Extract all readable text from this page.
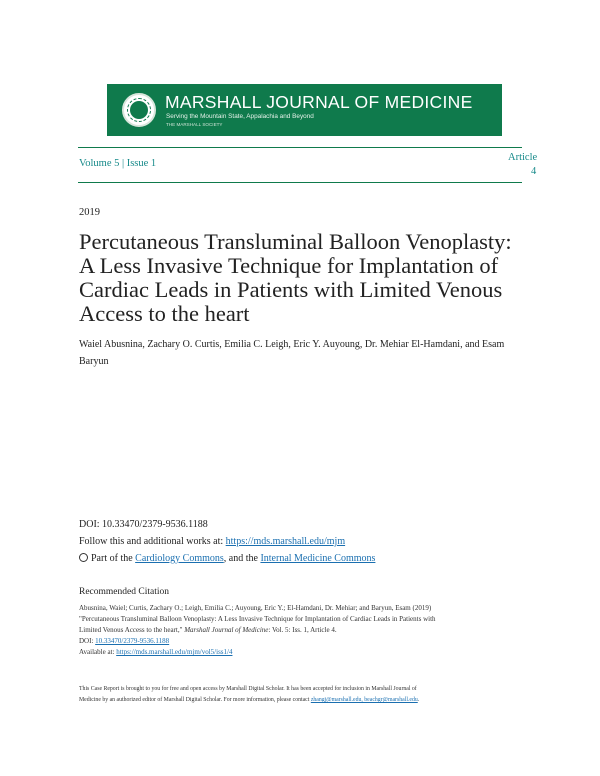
MARSHALL JOURNAL OF MEDICINE
Serving the Mountain State, Appalachia and Beyond
THE MARSHALL SOCIETY
Volume 5 | Issue 1
Article
4
2019
Percutaneous Transluminal Balloon Venoplasty: A Less Invasive Technique for Implantation of Cardiac Leads in Patients with Limited Venous Access to the heart
Waiel Abusnina, Zachary O. Curtis, Emilia C. Leigh, Eric Y. Auyoung, Dr. Mehiar El-Hamdani, and Esam Baryun
DOI: 10.33470/2379-9536.1188
Follow this and additional works at: https://mds.marshall.edu/mjm
Part of the Cardiology Commons, and the Internal Medicine Commons
Recommended Citation
Abusnina, Waiel; Curtis, Zachary O.; Leigh, Emilia C.; Auyoung, Eric Y.; El-Hamdani, Dr. Mehiar; and Baryun, Esam (2019)
"Percutaneous Transluminal Balloon Venoplasty: A Less Invasive Technique for Implantation of Cardiac Leads in Patients with
Limited Venous Access to the heart," Marshall Journal of Medicine: Vol. 5: Iss. 1, Article 4.
DOI: 10.33470/2379-9536.1188
Available at: https://mds.marshall.edu/mjm/vol5/iss1/4
This Case Report is brought to you for free and open access by Marshall Digital Scholar. It has been accepted for inclusion in Marshall Journal of
Medicine by an authorized editor of Marshall Digital Scholar. For more information, please contact zhangj@marshall.edu, beachgr@marshall.edu.
